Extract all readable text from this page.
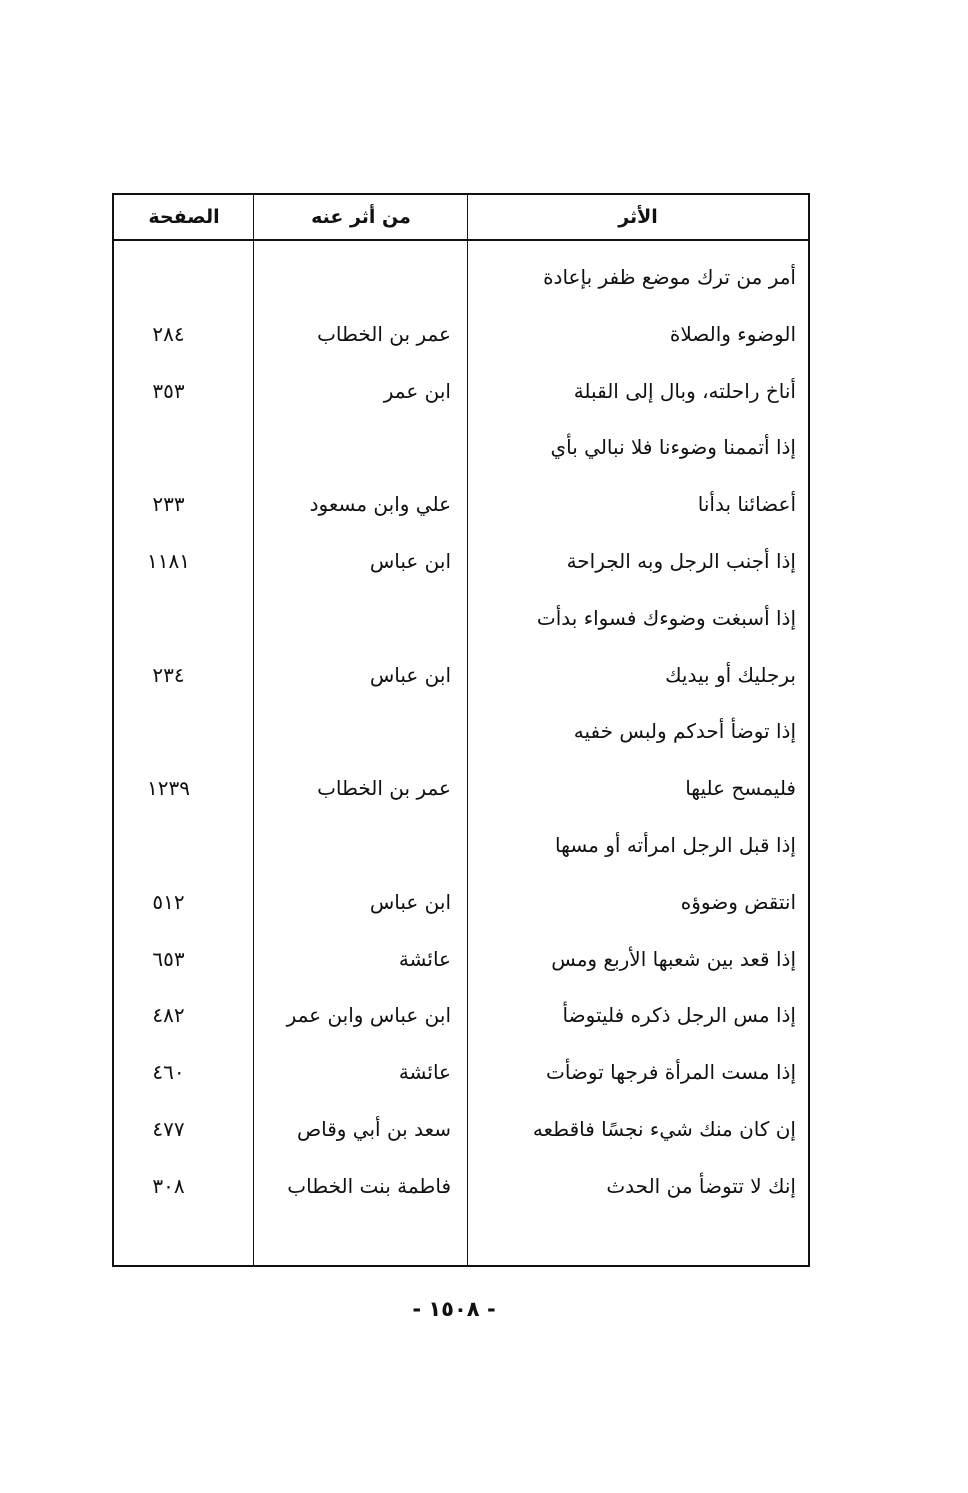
الأثر
من أثر عنه
الصفحة
أمر من ترك موضع ظفر بإعادة
الوضوء والصلاة
عمر بن الخطاب
٢٨٤
أناخ راحلته، وبال إلى القبلة
ابن عمر
٣٥٣
إذا أتممنا وضوءنا فلا نبالي بأي
أعضائنا بدأنا
علي وابن مسعود
٢٣٣
إذا أجنب الرجل وبه الجراحة
ابن عباس
١١٨١
إذا أسبغت وضوءك فسواء بدأت
برجليك أو بيديك
ابن عباس
٢٣٤
إذا توضأ أحدكم ولبس خفيه
فليمسح عليها
عمر بن الخطاب
١٢٣٩
إذا قبل الرجل امرأته أو مسها
انتقض وضوؤه
ابن عباس
٥١٢
إذا قعد بين شعبها الأربع ومس
عائشة
٦٥٣
إذا مس الرجل ذكره فليتوضأ
ابن عباس وابن عمر
٤٨٢
إذا مست المرأة فرجها توضأت
عائشة
٤٦٠
إن كان منك شيء نجسًا فاقطعه
سعد بن أبي وقاص
٤٧٧
إنك لا تتوضأ من الحدث
فاطمة بنت الخطاب
٣٠٨
- ١٥٠٨ -
